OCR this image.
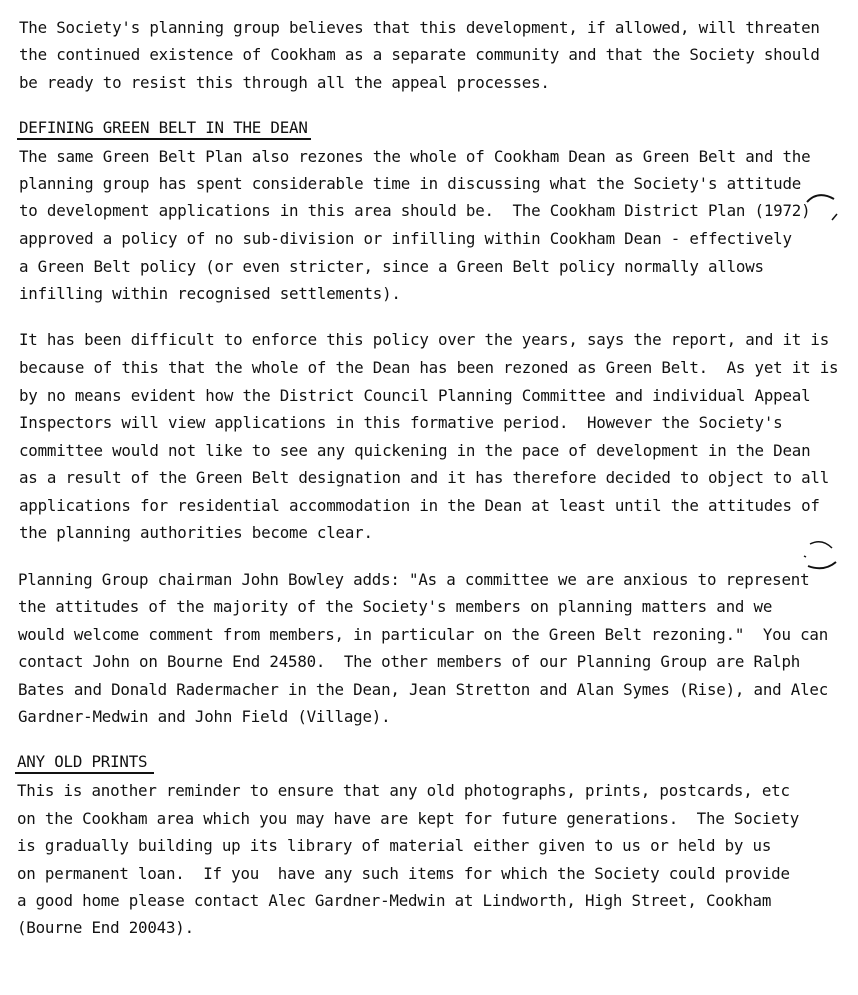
The Society's planning group believes that this development, if allowed, will threaten
the continued existence of Cookham as a separate community and that the Society should
be ready to resist this through all the appeal processes.
DEFINING GREEN BELT IN THE DEAN
The same Green Belt Plan also rezones the whole of Cookham Dean as Green Belt and the
planning group has spent considerable time in discussing what the Society's attitude
to development applications in this area should be.  The Cookham District Plan (1972)
approved a policy of no sub-division or infilling within Cookham Dean - effectively
a Green Belt policy (or even stricter, since a Green Belt policy normally allows
infilling within recognised settlements).
It has been difficult to enforce this policy over the years, says the report, and it is
because of this that the whole of the Dean has been rezoned as Green Belt.  As yet it is
by no means evident how the District Council Planning Committee and individual Appeal
Inspectors will view applications in this formative period.  However the Society's
committee would not like to see any quickening in the pace of development in the Dean
as a result of the Green Belt designation and it has therefore decided to object to all
applications for residential accommodation in the Dean at least until the attitudes of
the planning authorities become clear.
Planning Group chairman John Bowley adds: "As a committee we are anxious to represent
the attitudes of the majority of the Society's members on planning matters and we
would welcome comment from members, in particular on the Green Belt rezoning."  You can
contact John on Bourne End 24580.  The other members of our Planning Group are Ralph
Bates and Donald Radermacher in the Dean, Jean Stretton and Alan Symes (Rise), and Alec
Gardner-Medwin and John Field (Village).
ANY OLD PRINTS
This is another reminder to ensure that any old photographs, prints, postcards, etc
on the Cookham area which you may have are kept for future generations.  The Society
is gradually building up its library of material either given to us or held by us
on permanent loan.  If you  have any such items for which the Society could provide
a good home please contact Alec Gardner-Medwin at Lindworth, High Street, Cookham
(Bourne End 20043).
